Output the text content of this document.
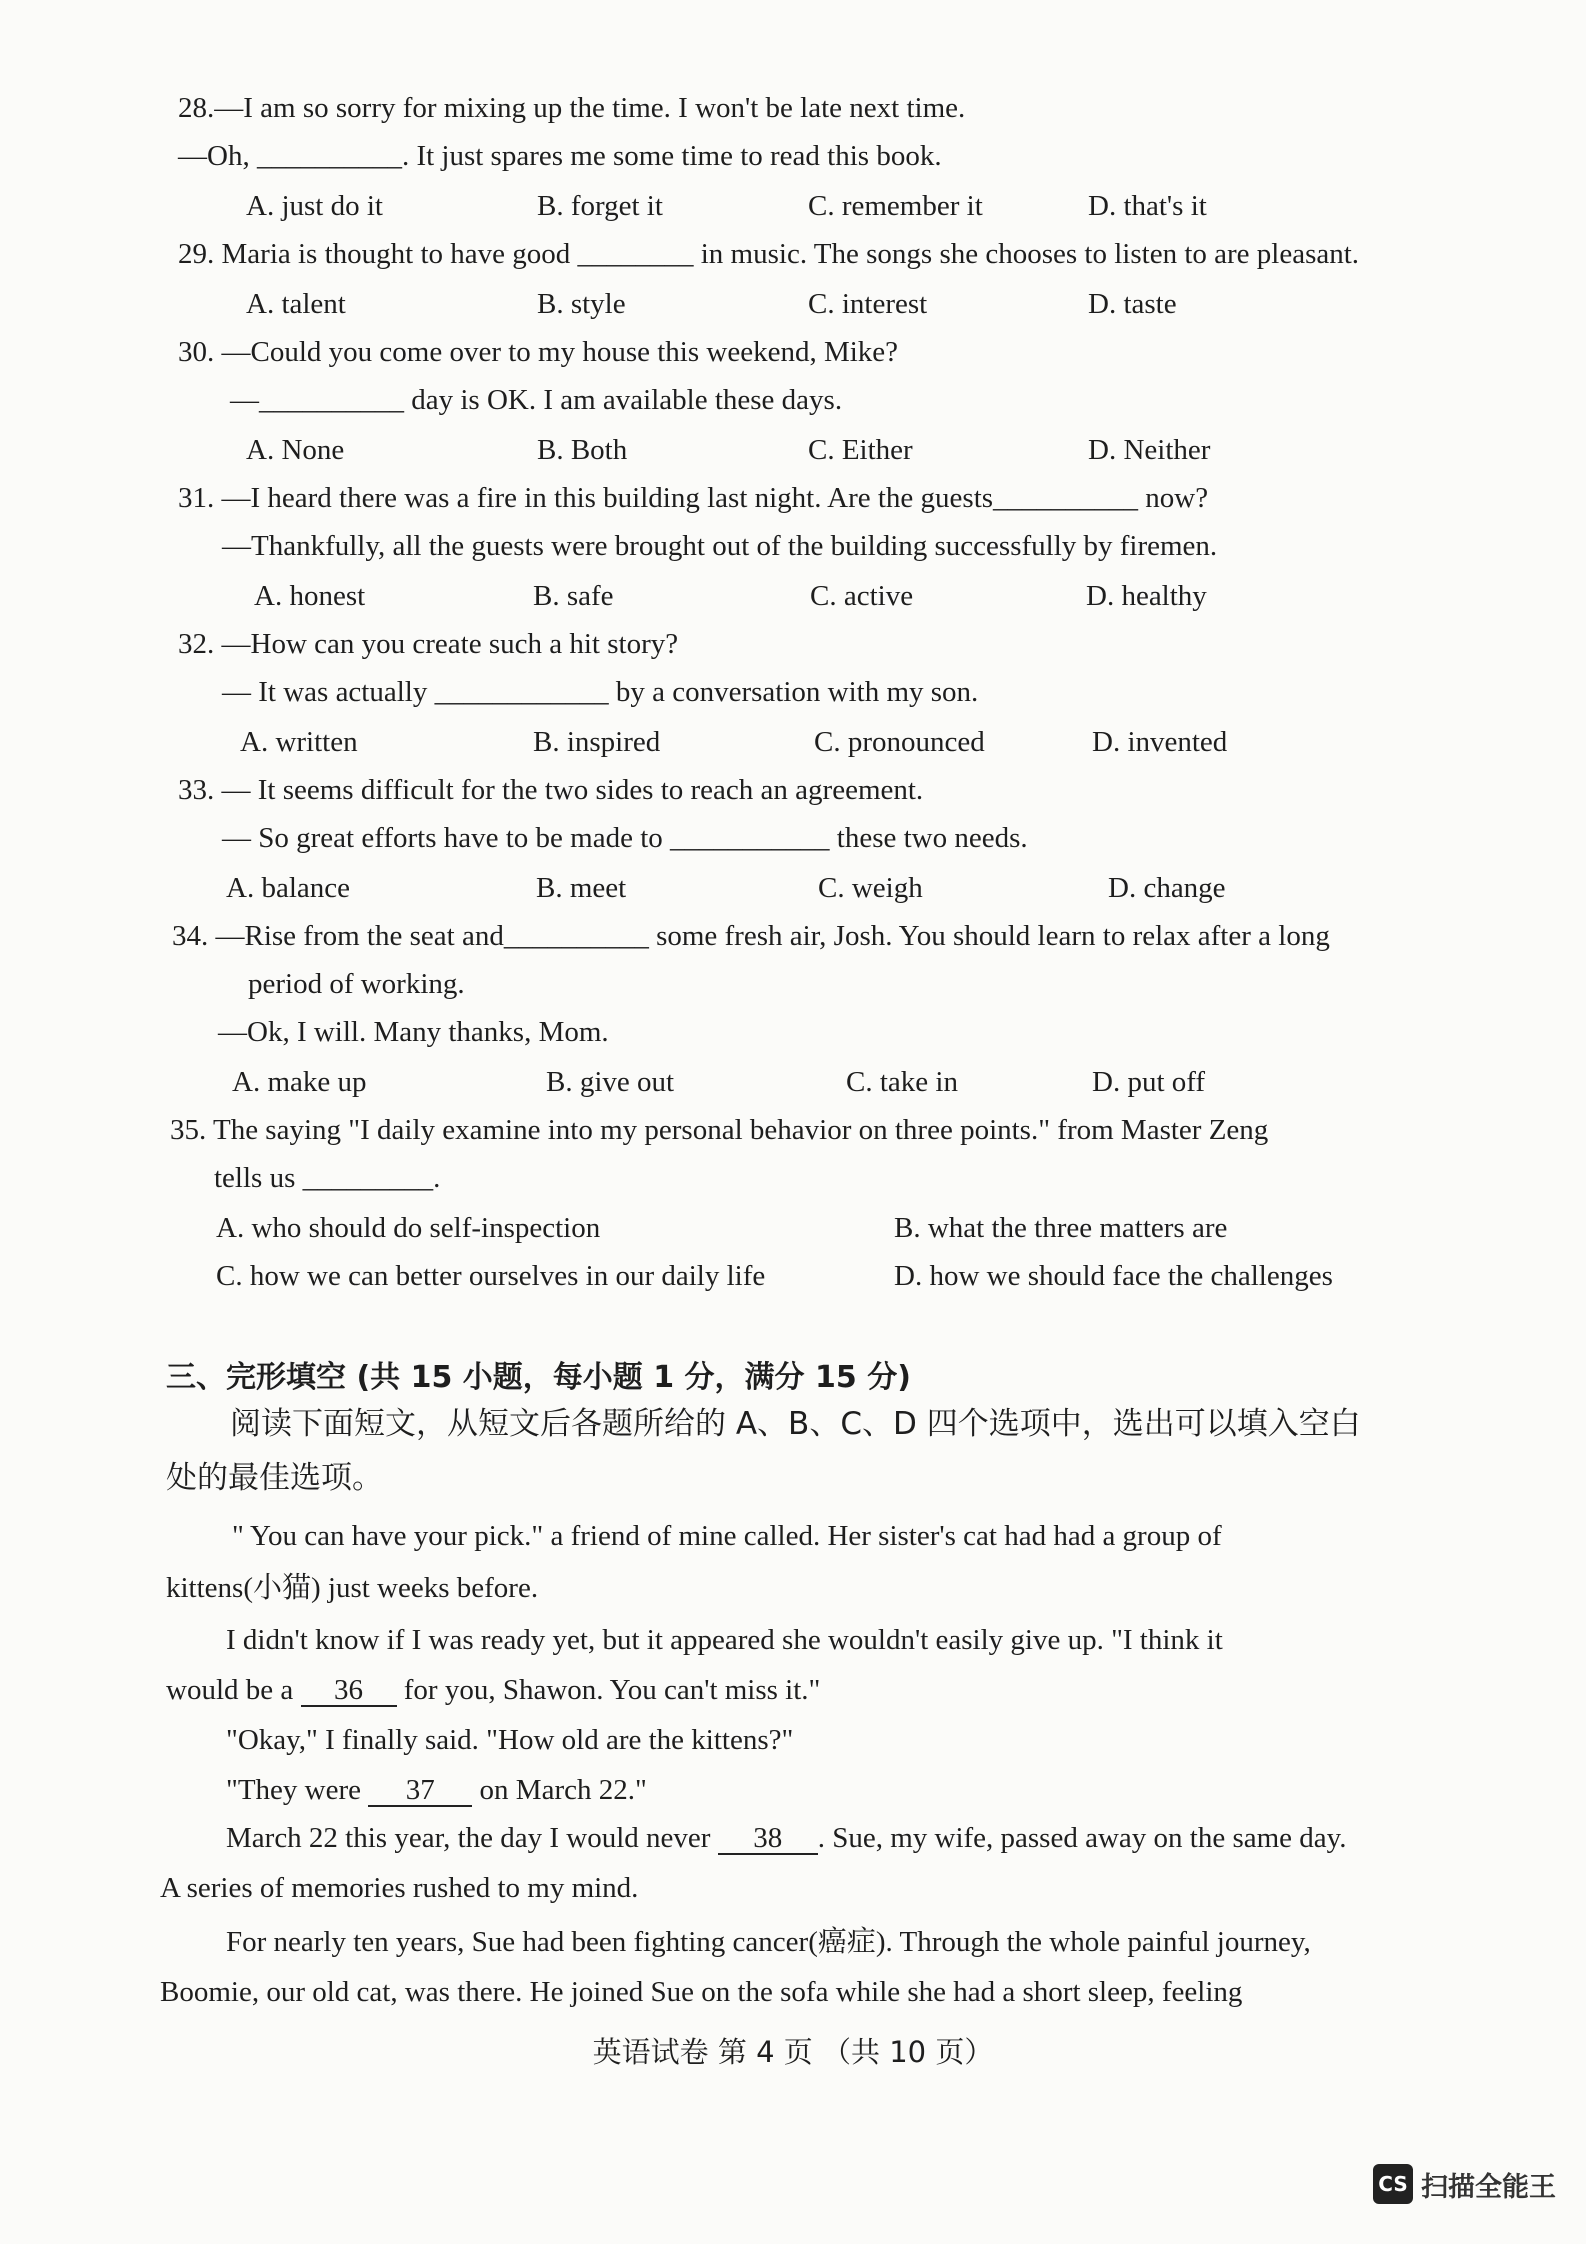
28.—I am so sorry for mixing up the time. I won't be late next time.
—Oh, __________. It just spares me some time to read this book.
A. just do it	B. forget it	C. remember it	D. that's it
29. Maria is thought to have good ________ in music. The songs she chooses to listen to are pleasant.
A. talent	B. style	C. interest	D. taste
30. —Could you come over to my house this weekend, Mike?
—__________ day is OK. I am available these days.
A. None	B. Both	C. Either	D. Neither
31. —I heard there was a fire in this building last night. Are the guests__________ now?
—Thankfully, all the guests were brought out of the building successfully by firemen.
A. honest	B. safe	C. active	D. healthy
32. —How can you create such a hit story?
— It was actually ____________ by a conversation with my son.
A. written	B. inspired	C. pronounced	D. invented
33. — It seems difficult for the two sides to reach an agreement.
— So great efforts have to be made to ___________ these two needs.
A. balance	B. meet	C. weigh	D. change
34. —Rise from the seat and__________ some fresh air, Josh. You should learn to relax after a long
period of working.
—Ok, I will. Many thanks, Mom.
A. make up	B. give out	C. take in	D. put off
35. The saying "I daily examine into my personal behavior on three points." from Master Zeng
tells us _________.
A. who should do self-inspection	B. what the three matters are
C. how we can better ourselves in our daily life	D. how we should face the challenges
三、完形填空 (共 15 小题，每小题 1 分，满分 15 分)
阅读下面短文，从短文后各题所给的 A、B、C、D 四个选项中，选出可以填入空白
处的最佳选项。
" You can have your pick." a friend of mine called. Her sister's cat had had a group of
kittens(小猫) just weeks before.
I didn't know if I was ready yet, but it appeared she wouldn't easily give up. "I think it
would be a 36 for you, Shawon. You can't miss it."
"Okay," I finally said. "How old are the kittens?"
"They were 37 on March 22."
March 22 this year, the day I would never 38 . Sue, my wife, passed away on the same day.
A series of memories rushed to my mind.
For nearly ten years, Sue had been fighting cancer(癌症). Through the whole painful journey,
Boomie, our old cat, was there. He joined Sue on the sofa while she had a short sleep, feeling
英语试卷 第 4 页 （共 10 页）
CS 扫描全能王
